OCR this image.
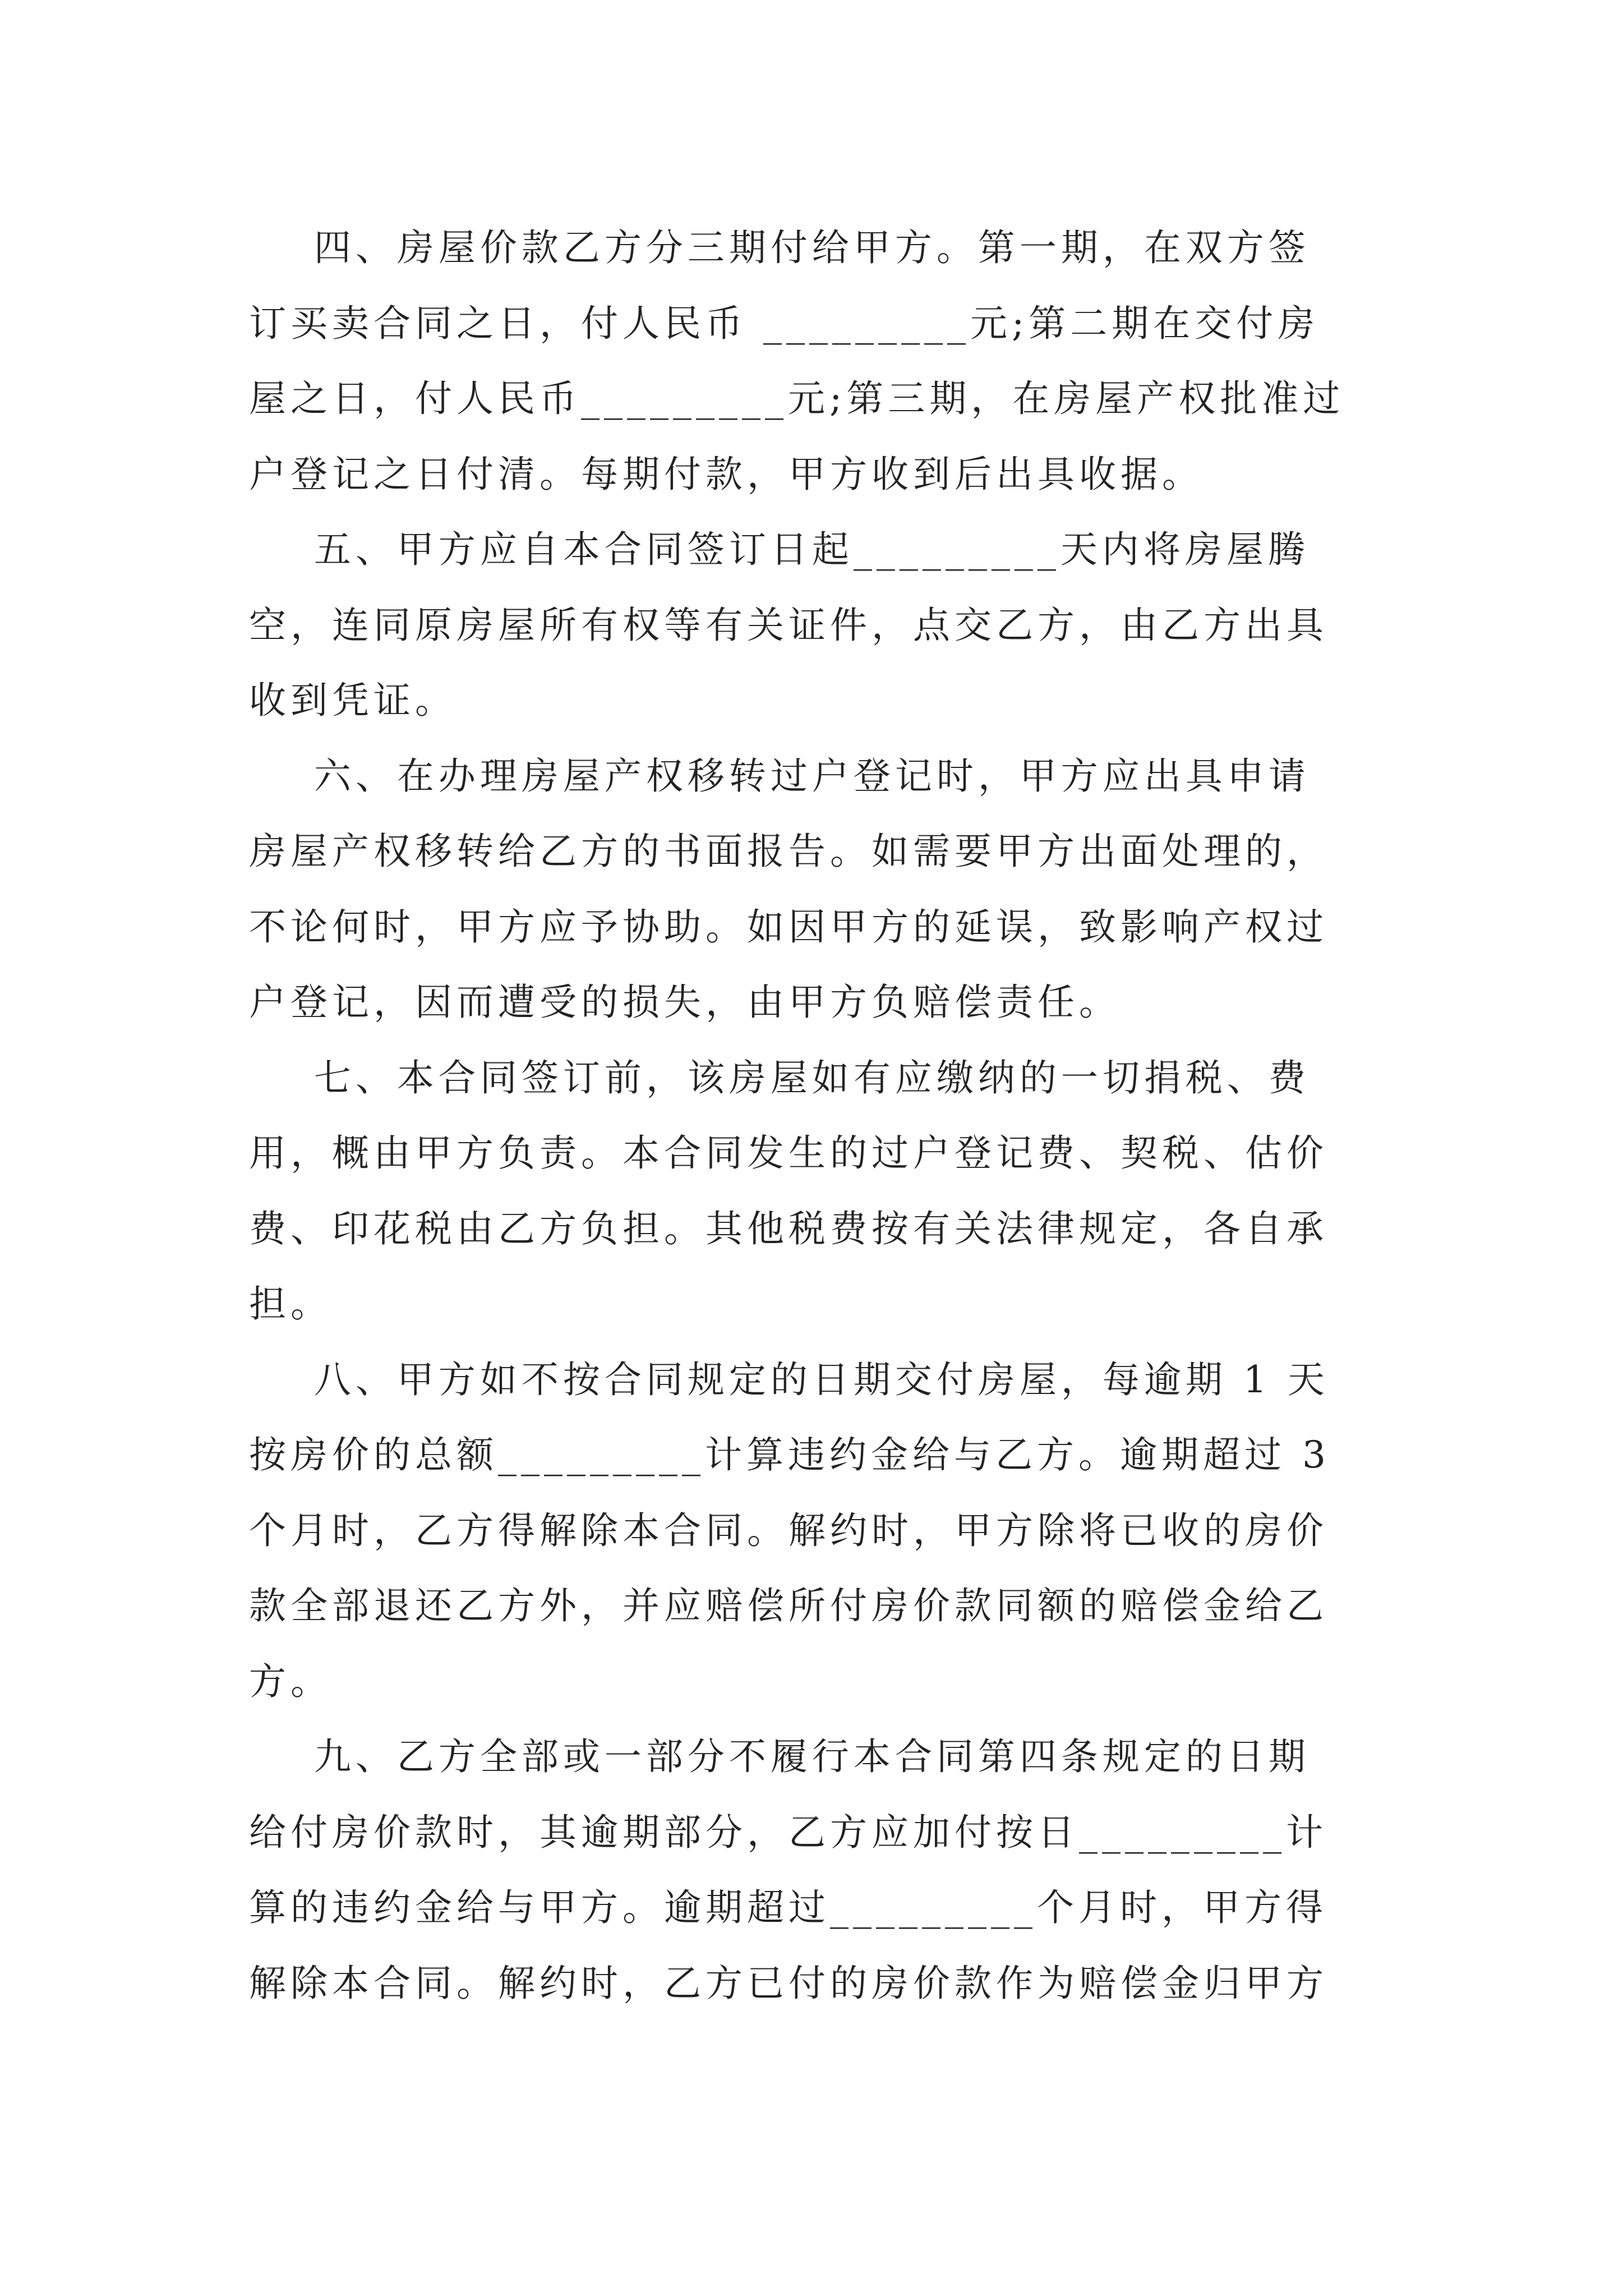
四、房屋价款乙方分三期付给甲方。第一期，在双方签
订买卖合同之日，付人民币 _________元;第二期在交付房
屋之日，付人民币_________元;第三期，在房屋产权批准过
户登记之日付清。每期付款，甲方收到后出具收据。
五、甲方应自本合同签订日起_________天内将房屋腾
空，连同原房屋所有权等有关证件，点交乙方，由乙方出具
收到凭证。
六、在办理房屋产权移转过户登记时，甲方应出具申请
房屋产权移转给乙方的书面报告。如需要甲方出面处理的，
不论何时，甲方应予协助。如因甲方的延误，致影响产权过
户登记，因而遭受的损失，由甲方负赔偿责任。
七、本合同签订前，该房屋如有应缴纳的一切捐税、费
用，概由甲方负责。本合同发生的过户登记费、契税、估价
费、印花税由乙方负担。其他税费按有关法律规定，各自承
担。
八、甲方如不按合同规定的日期交付房屋，每逾期 1 天
按房价的总额_________计算违约金给与乙方。逾期超过 3
个月时，乙方得解除本合同。解约时，甲方除将已收的房价
款全部退还乙方外，并应赔偿所付房价款同额的赔偿金给乙
方。
九、乙方全部或一部分不履行本合同第四条规定的日期
给付房价款时，其逾期部分，乙方应加付按日_________计
算的违约金给与甲方。逾期超过_________个月时，甲方得
解除本合同。解约时，乙方已付的房价款作为赔偿金归甲方
